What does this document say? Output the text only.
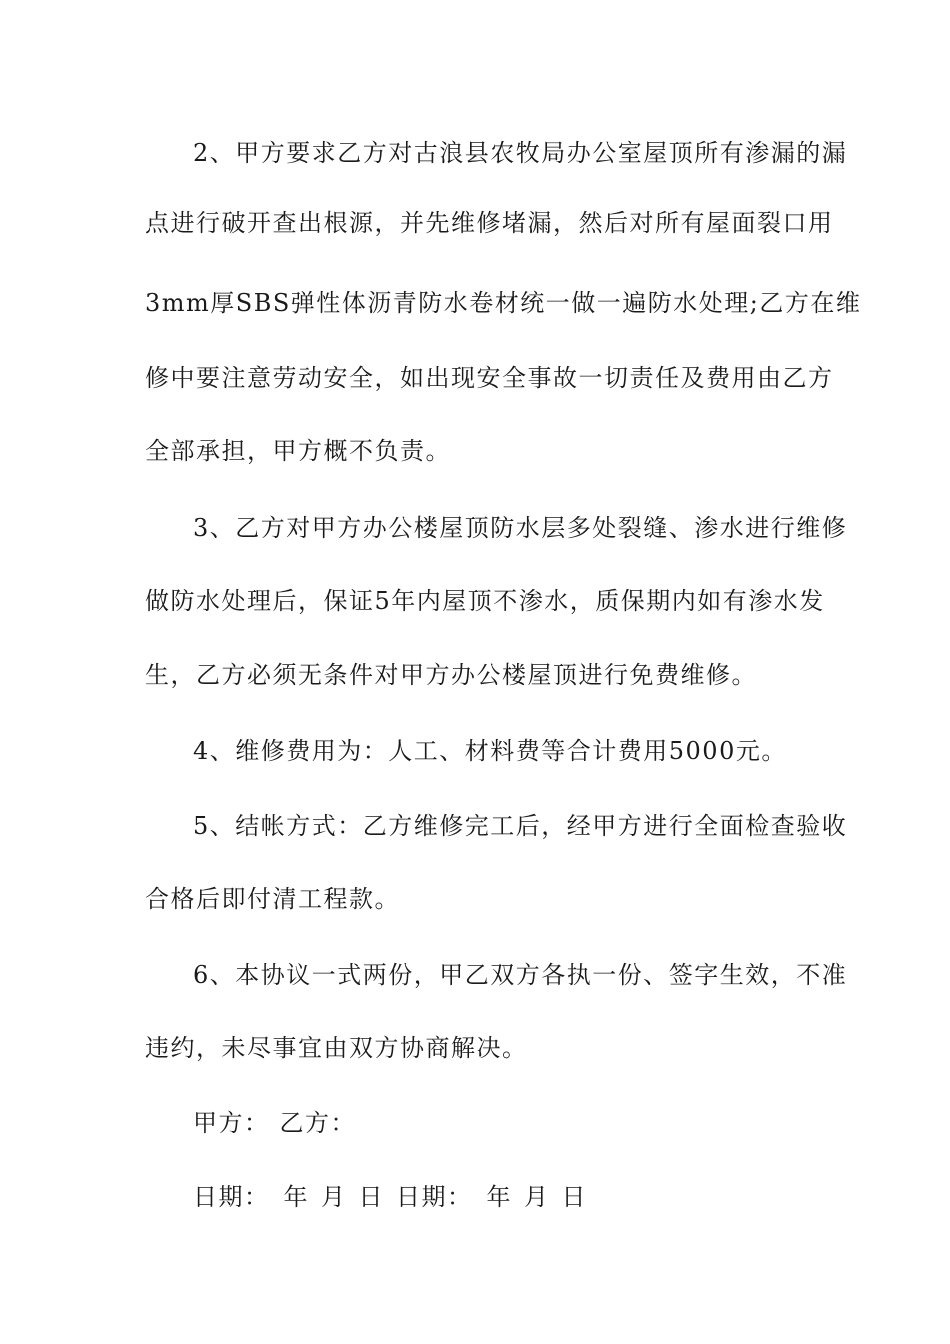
2、甲方要求乙方对古浪县农牧局办公室屋顶所有渗漏的漏
点进行破开查出根源，并先维修堵漏，然后对所有屋面裂口用
3mm厚SBS弹性体沥青防水卷材统一做一遍防水处理;乙方在维
修中要注意劳动安全，如出现安全事故一切责任及费用由乙方
全部承担，甲方概不负责。
3、乙方对甲方办公楼屋顶防水层多处裂缝、渗水进行维修
做防水处理后，保证5年内屋顶不渗水，质保期内如有渗水发
生，乙方必须无条件对甲方办公楼屋顶进行免费维修。
4、维修费用为：人工、材料费等合计费用5000元。
5、结帐方式：乙方维修完工后，经甲方进行全面检查验收
合格后即付清工程款。
6、本协议一式两份，甲乙双方各执一份、签字生效，不准
违约，未尽事宜由双方协商解决。
甲方： 乙方：
日期： 年 月 日 日期： 年 月 日
